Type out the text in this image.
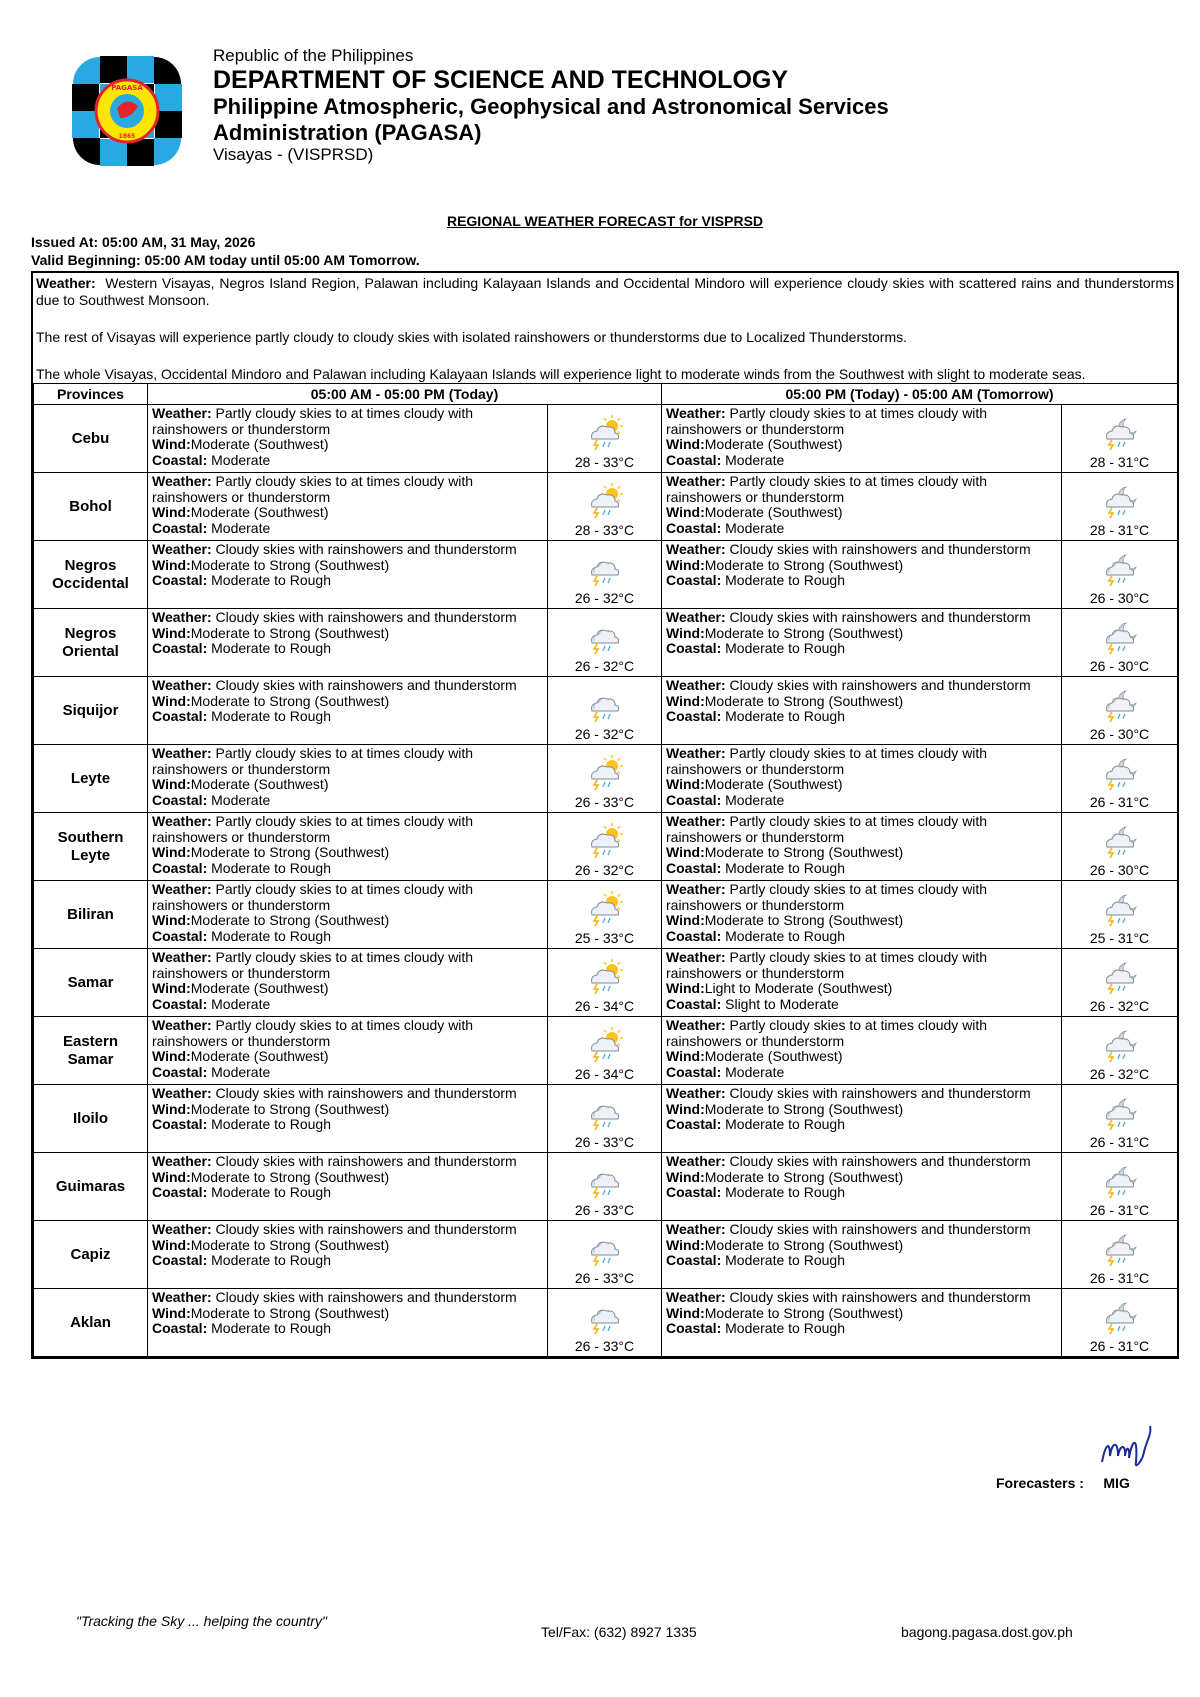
PAGASA
1865
Republic of the Philippines
DEPARTMENT OF SCIENCE AND TECHNOLOGY
Philippine Atmospheric, Geophysical and Astronomical Services
Administration (PAGASA)
Visayas - (VISPRSD)
REGIONAL WEATHER FORECAST for VISPRSD
Issued At: 05:00 AM, 31 May, 2026
Valid Beginning: 05:00 AM today until 05:00 AM Tomorrow.

Weather: Western Visayas, Negros Island Region, Palawan including Kalayaan Islands and Occidental Mindoro will experience cloudy skies with scattered rains and thunderstorms due to Southwest Monsoon.

The rest of Visayas will experience partly cloudy to cloudy skies with isolated rainshowers or thunderstorms due to Localized Thunderstorms.

The whole Visayas, Occidental Mindoro and Palawan including Kalayaan Islands will experience light to moderate winds from the Southwest with slight to moderate seas.

Provinces	05:00 AM - 05:00 PM (Today)		05:00 PM (Today) - 05:00 AM (Tomorrow)	
Cebu	Weather: Partly cloudy skies to at times cloudy with rainshowers or thunderstorm
Wind:Moderate (Southwest)
Coastal: Moderate	28 - 33°C	Weather: Partly cloudy skies to at times cloudy with rainshowers or thunderstorm
Wind:Moderate (Southwest)
Coastal: Moderate	28 - 31°C

Bohol	Weather: Partly cloudy skies to at times cloudy with rainshowers or thunderstorm
Wind:Moderate (Southwest)
Coastal: Moderate	28 - 33°C	Weather: Partly cloudy skies to at times cloudy with rainshowers or thunderstorm
Wind:Moderate (Southwest)
Coastal: Moderate	28 - 31°C

Negros
Occidental	Weather: Cloudy skies with rainshowers and thunderstorm
Wind:Moderate to Strong (Southwest)
Coastal: Moderate to Rough	26 - 32°C	Weather: Cloudy skies with rainshowers and thunderstorm
Wind:Moderate to Strong (Southwest)
Coastal: Moderate to Rough	26 - 30°C

Negros
Oriental	Weather: Cloudy skies with rainshowers and thunderstorm
Wind:Moderate to Strong (Southwest)
Coastal: Moderate to Rough	26 - 32°C	Weather: Cloudy skies with rainshowers and thunderstorm
Wind:Moderate to Strong (Southwest)
Coastal: Moderate to Rough	26 - 30°C

Siquijor	Weather: Cloudy skies with rainshowers and thunderstorm
Wind:Moderate to Strong (Southwest)
Coastal: Moderate to Rough	26 - 32°C	Weather: Cloudy skies with rainshowers and thunderstorm
Wind:Moderate to Strong (Southwest)
Coastal: Moderate to Rough	26 - 30°C

Leyte	Weather: Partly cloudy skies to at times cloudy with rainshowers or thunderstorm
Wind:Moderate (Southwest)
Coastal: Moderate	26 - 33°C	Weather: Partly cloudy skies to at times cloudy with rainshowers or thunderstorm
Wind:Moderate (Southwest)
Coastal: Moderate	26 - 31°C

Southern
Leyte	Weather: Partly cloudy skies to at times cloudy with rainshowers or thunderstorm
Wind:Moderate to Strong (Southwest)
Coastal: Moderate to Rough	26 - 32°C	Weather: Partly cloudy skies to at times cloudy with rainshowers or thunderstorm
Wind:Moderate to Strong (Southwest)
Coastal: Moderate to Rough	26 - 30°C

Biliran	Weather: Partly cloudy skies to at times cloudy with rainshowers or thunderstorm
Wind:Moderate to Strong (Southwest)
Coastal: Moderate to Rough	25 - 33°C	Weather: Partly cloudy skies to at times cloudy with rainshowers or thunderstorm
Wind:Moderate to Strong (Southwest)
Coastal: Moderate to Rough	25 - 31°C

Samar	Weather: Partly cloudy skies to at times cloudy with rainshowers or thunderstorm
Wind:Moderate (Southwest)
Coastal: Moderate	26 - 34°C	Weather: Partly cloudy skies to at times cloudy with rainshowers or thunderstorm
Wind:Light to Moderate (Southwest)
Coastal: Slight to Moderate	26 - 32°C

Eastern
Samar	Weather: Partly cloudy skies to at times cloudy with rainshowers or thunderstorm
Wind:Moderate (Southwest)
Coastal: Moderate	26 - 34°C	Weather: Partly cloudy skies to at times cloudy with rainshowers or thunderstorm
Wind:Moderate (Southwest)
Coastal: Moderate	26 - 32°C

Iloilo	Weather: Cloudy skies with rainshowers and thunderstorm
Wind:Moderate to Strong (Southwest)
Coastal: Moderate to Rough	26 - 33°C	Weather: Cloudy skies with rainshowers and thunderstorm
Wind:Moderate to Strong (Southwest)
Coastal: Moderate to Rough	26 - 31°C

Guimaras	Weather: Cloudy skies with rainshowers and thunderstorm
Wind:Moderate to Strong (Southwest)
Coastal: Moderate to Rough	26 - 33°C	Weather: Cloudy skies with rainshowers and thunderstorm
Wind:Moderate to Strong (Southwest)
Coastal: Moderate to Rough	26 - 31°C

Capiz	Weather: Cloudy skies with rainshowers and thunderstorm
Wind:Moderate to Strong (Southwest)
Coastal: Moderate to Rough	26 - 33°C	Weather: Cloudy skies with rainshowers and thunderstorm
Wind:Moderate to Strong (Southwest)
Coastal: Moderate to Rough	26 - 31°C

Aklan	Weather: Cloudy skies with rainshowers and thunderstorm
Wind:Moderate to Strong (Southwest)
Coastal: Moderate to Rough	26 - 33°C	Weather: Cloudy skies with rainshowers and thunderstorm
Wind:Moderate to Strong (Southwest)
Coastal: Moderate to Rough	26 - 31°C
Forecasters : MIG
"Tracking the Sky ... helping the country"
Tel/Fax: (632) 8927 1335	bagong.pagasa.dost.gov.ph
